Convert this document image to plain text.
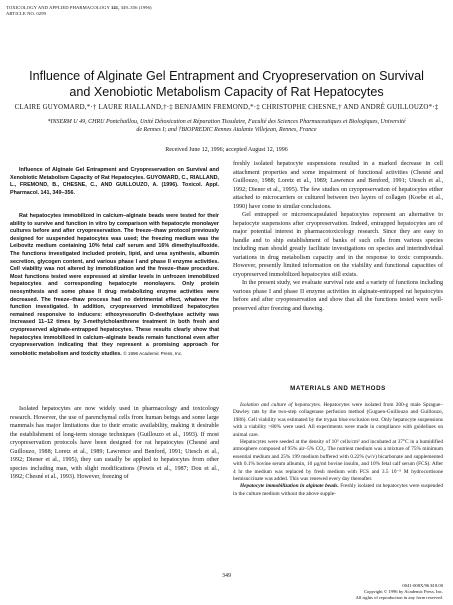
TOXICOLOGY AND APPLIED PHARMACOLOGY 141, 349–356 (1996)
ARTICLE NO. 0299
Influence of Alginate Gel Entrapment and Cryopreservation on Survival
and Xenobiotic Metabolism Capacity of Rat Hepatocytes
CLAIRE GUYOMARD,*·† LAURE RIALLAND,†·‡ BENJAMIN FREMOND,*·‡ CHRISTOPHE CHESNE,† AND ANDRÉ GUILLOUZO*·‡
*INSERM U 49, CHRU Pontchaillou, Unité Détoxication et Réparation Tissulaire, Faculté des Sciences Pharmaceutiques et Biologiques, Université
de Rennes I; and †BIOPREDIC Rennes Atalante Villejean, Rennes, France
Received June 12, 1996; accepted August 12, 1996

Influence of Alginate Gel Entrapment and Cryopreservation on Survival and Xenobiotic Metabolism Capacity of Rat Hepatocytes. GUYOMARD, C., RIALLAND, L., FREMOND, B., CHESNE, C., AND GUILLOUZO, A. (1996). Toxicol. Appl. Pharmacol. 141, 349–356.

Rat hepatocytes immobilized in calcium–alginate beads were tested for their ability to survive and function in vitro by comparison with hepatocyte monolayer cultures before and after cryopreservation. The freeze–thaw protocol previously designed for suspended hepatocytes was used; the freezing medium was the Leibovitz medium containing 10% fetal calf serum and 16% dimethylsulfoxide. The functions investigated included protein, lipid, and urea synthesis, albumin secretion, glycogen content, and various phase I and phase II enzyme activities. Cell viability was not altered by immobilization and the freeze–thaw procedure. Most functions tested were expressed at similar levels in unfrozen immobilized hepatocytes and corresponding hepatocyte monolayers. Only protein neosynthesis and some phase II drug metabolizing enzyme activities were decreased. The freeze–thaw process had no detrimental effect, whatever the function investigated. In addition, cryopreserved immobilized hepatocytes remained responsive to inducers: ethoxyresorufin O-deethylase activity was increased 11–12 times by 3-methylcholanthrene treatment in both fresh and cryopreserved alginate-entrapped hepatocytes. These results clearly show that hepatocytes immobilized in calcium–alginate beads remain functional even after cryopreservation indicating that they represent a promising approach for xenobiotic metabolism and toxicity studies. © 1996 Academic Press, Inc.

Isolated hepatocytes are now widely used in pharmacology and toxicology research. However, the use of parenchymal cells from human beings and some large mammals has major limitations due to their erratic availability, making it desirable the establishment of long-term storage techniques (Guillouzo et al., 1993). If most cryopreservation protocols have been designed for rat hepatocytes (Chesné and Guillouzo, 1988; Loretz et al., 1989; Lawrence and Benford, 1991; Utesch et al., 1992; Diener et al., 1995), they can usually be applied to hepatocytes from other species including man, with slight modifications (Powis et al., 1987; Dou et al., 1992; Chesné et al., 1993). However, freezing of

freshly isolated hepatocyte suspensions resulted in a marked decrease in cell attachment properties and some impairment of functional activities (Chesné and Guillouzo, 1988; Loretz et al., 1989; Lawrence and Benford, 1991; Utesch et al., 1992; Diener et al., 1995). The few studies on cryopreservation of hepatocytes either attached to microcarriers or cultured between two layers of collagen (Koebe et al., 1990) have come to similar conclusions.

Gel entrapped or microencapsulated hepatocytes represent an alternative to hepatocyte suspensions after cryopreservation. Indeed, entrapped hepatocytes are of major potential interest in pharmacotoxicology research. Since they are easy to handle and to ship establishment of banks of such cells from various species including man should greatly facilitate investigations on species and interindividual variations in drug metabolism capacity and in the response to toxic compounds. However, presently limited information on the viability and functional capacities of cryopreserved immobilized hepatocytes still exists.

In the present study, we evaluate survival rate and a variety of functions including various phase I and phase II enzyme activities in alginate-entrapped rat hepatocytes before and after cryopreservation and show that all the functions tested were well-preserved after freezing and thawing.

MATERIALS AND METHODS

Isolation and culture of hepatocytes. Hepatocytes were isolated from 200-g male Sprague–Dawley rats by the two-step collagenase perfusion method (Guguen-Guillouzo and Guillouzo, 1986). Cell viability was estimated by the trypan blue exclusion test. Only hepatocyte suspensions with a viability >80% were used. All experiments were made in compliance with guidelines on animal care.

Hepatocytes were seeded at the density of 10⁵ cells/cm² and incubated at 37°C in a humidified atmosphere composed of 95% air–5% CO₂. The nutrient medium was a mixture of 75% minimum essential medium and 25% 199 medium buffered with 0.22% (w/v) bicarbonate and supplemented with 0.1% bovine serum albumin, 10 µg/ml bovine insulin, and 10% fetal calf serum (FCS). After 4 hr the medium was replaced by fresh medium with FCS and 3.5 10⁻⁵ M hydrocortisone hemisuccinate was added. This was renewed every day thereafter.

Hepatocyte immobilization in alginate beads. Freshly isolated rat hepatocytes were suspended in the culture medium without the above supple-

349
0041-008X/96 $18.00
Copyright © 1996 by Academic Press, Inc.
All rights of reproduction in any form reserved.
